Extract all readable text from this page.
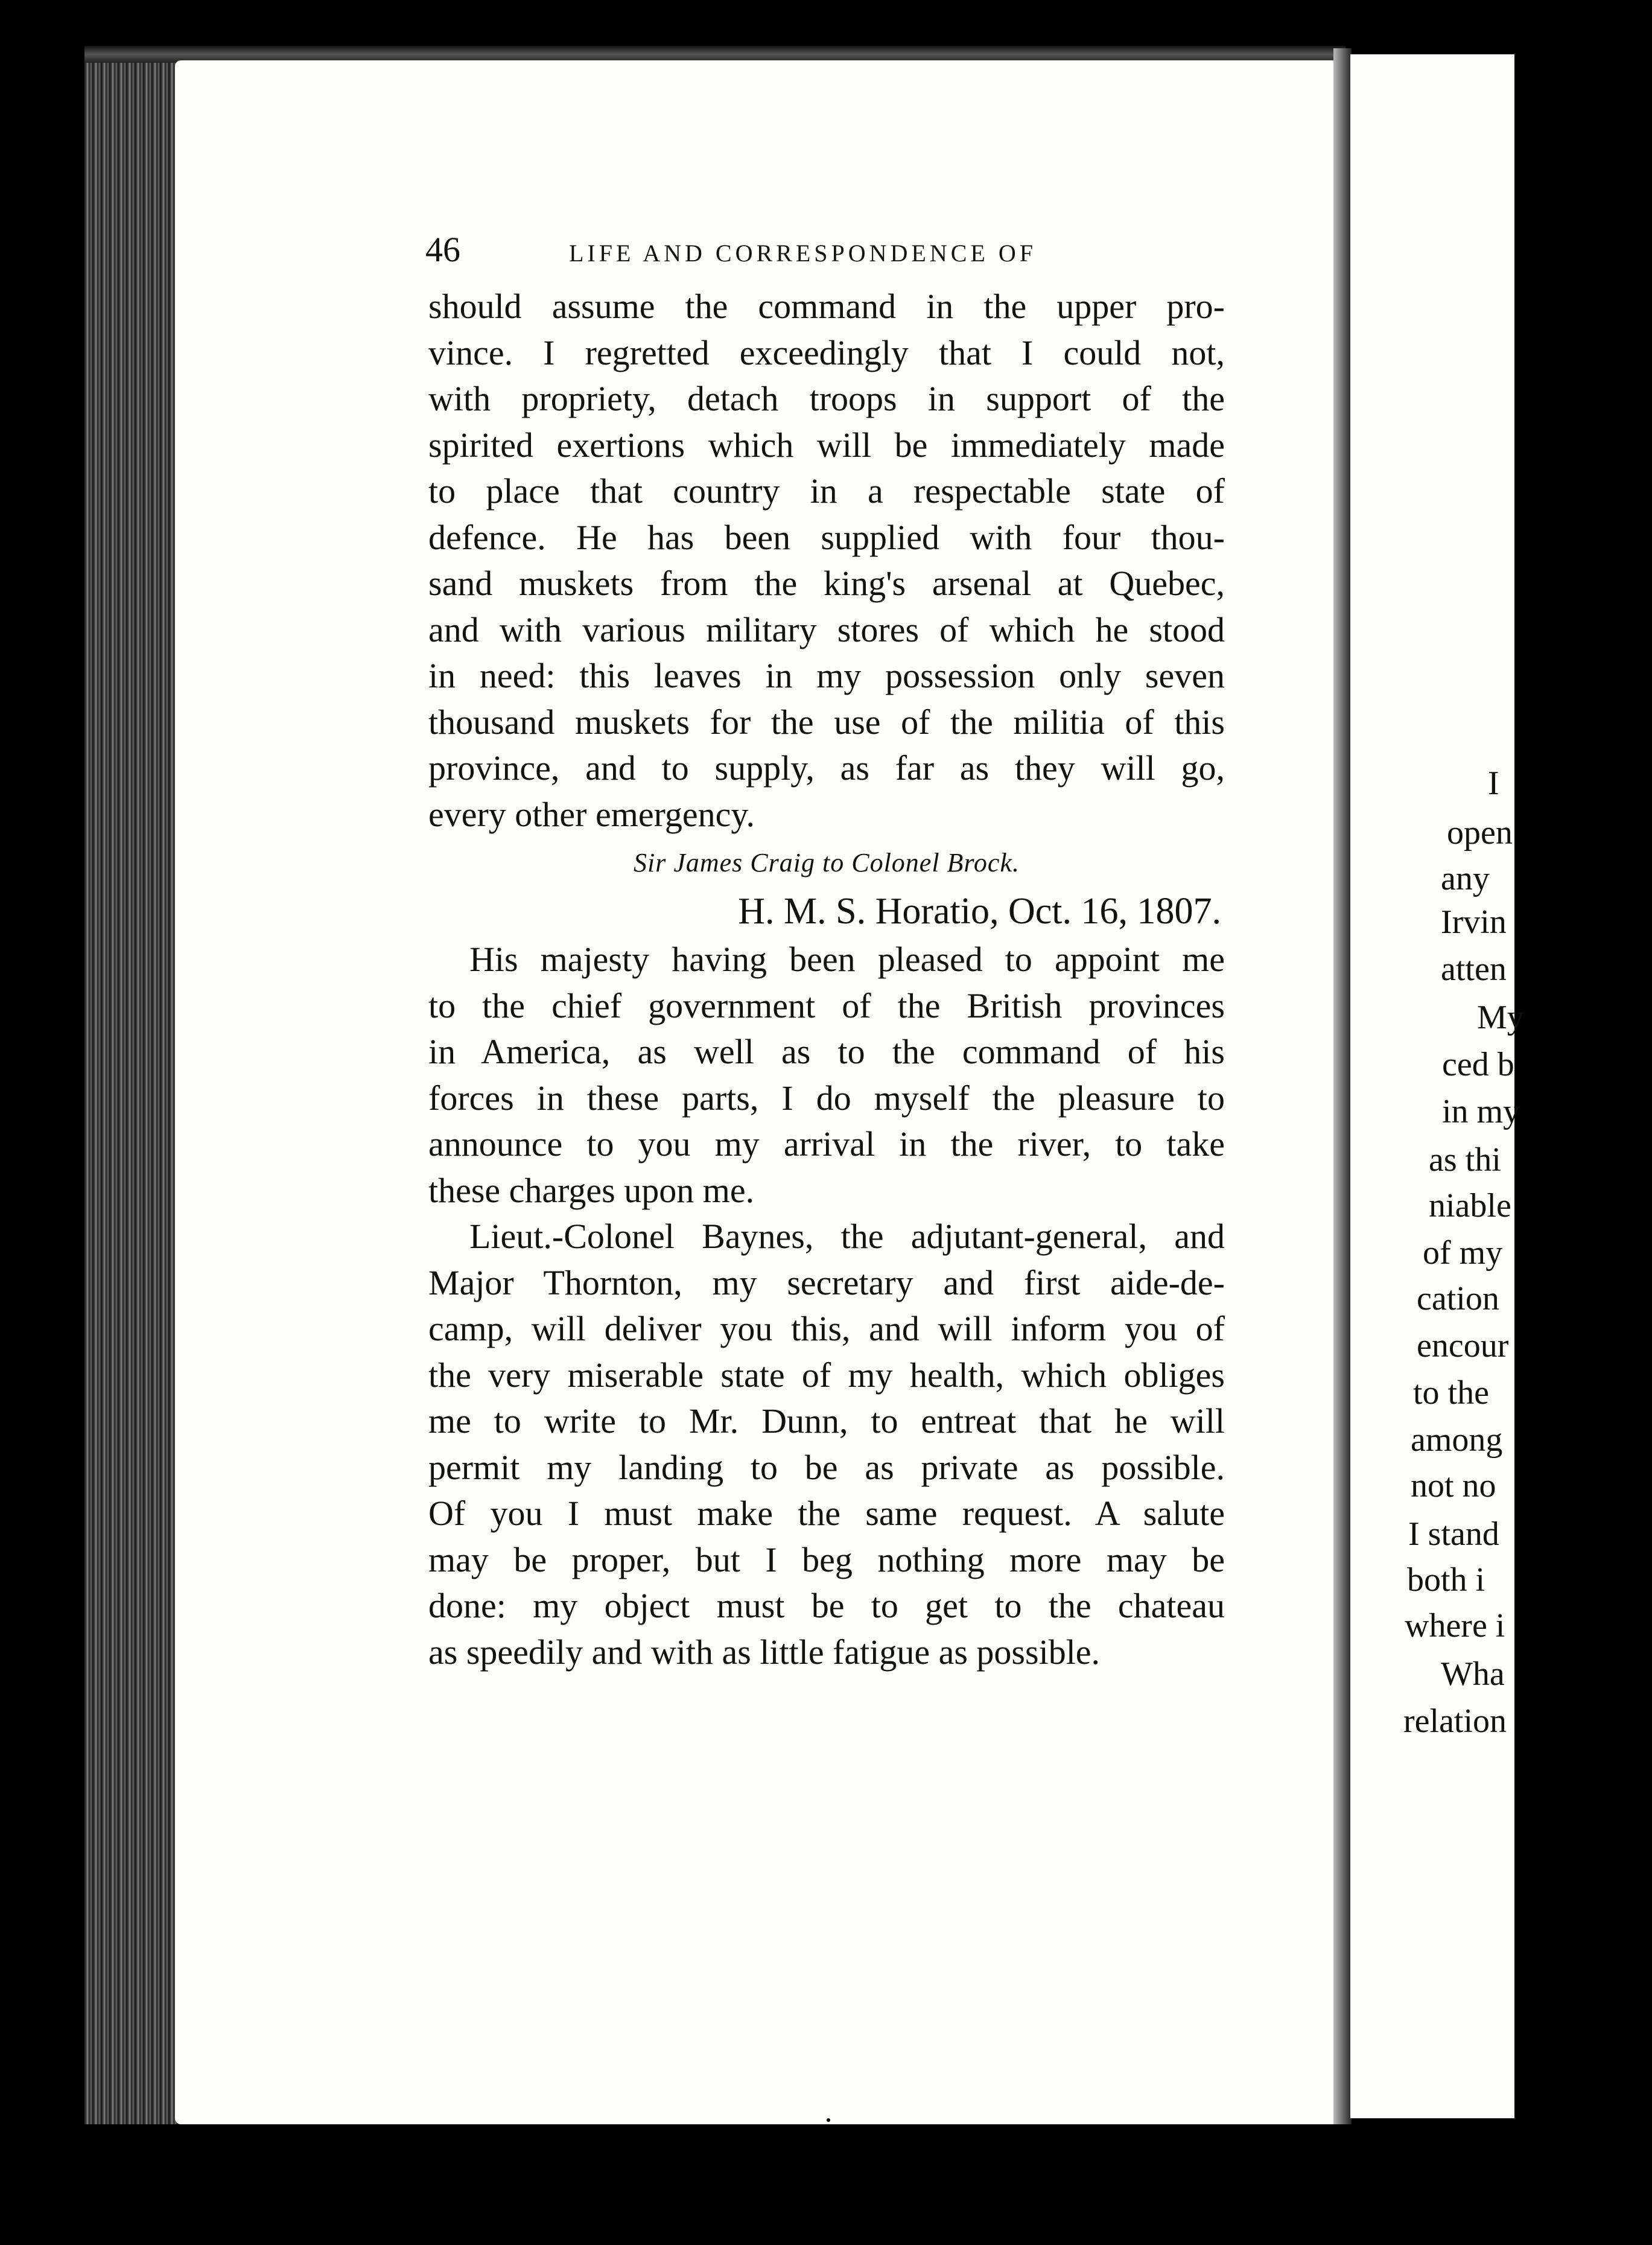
I
open
any
Irvin
atten
My
ced b
in my
as thi
niable
of my
cation
encour
to the
among
not no
I stand
both i
where i
Wha
relation
46	LIFE AND CORRESPONDENCE OF
should assume the command in the upper pro-
vince. I regretted exceedingly that I could not,
with propriety, detach troops in support of the
spirited exertions which will be immediately made
to place that country in a respectable state of
defence. He has been supplied with four thou-
sand muskets from the king's arsenal at Quebec,
and with various military stores of which he stood
in need: this leaves in my possession only seven
thousand muskets for the use of the militia of this
province, and to supply, as far as they will go,
every other emergency.
Sir James Craig to Colonel Brock.
H. M. S. Horatio, Oct. 16, 1807.
His majesty having been pleased to appoint me
to the chief government of the British provinces
in America, as well as to the command of his
forces in these parts, I do myself the pleasure to
announce to you my arrival in the river, to take
these charges upon me.
Lieut.-Colonel Baynes, the adjutant-general, and
Major Thornton, my secretary and first aide-de-
camp, will deliver you this, and will inform you of
the very miserable state of my health, which obliges
me to write to Mr. Dunn, to entreat that he will
permit my landing to be as private as possible.
Of you I must make the same request. A salute
may be proper, but I beg nothing more may be
done: my object must be to get to the chateau
as speedily and with as little fatigue as possible.
